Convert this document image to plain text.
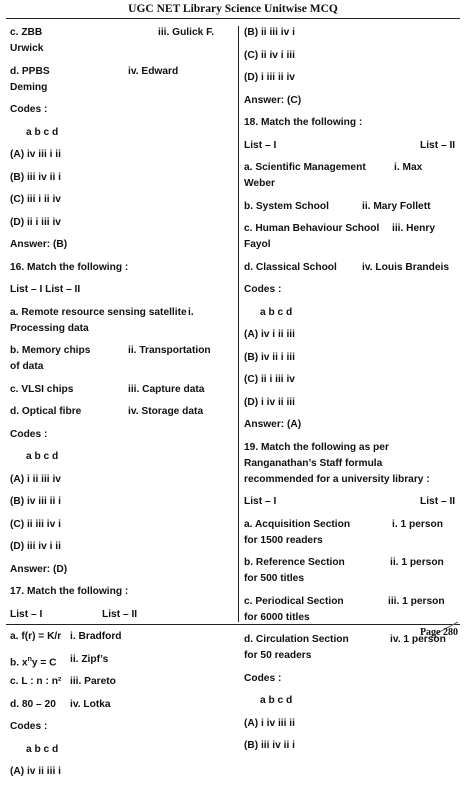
UGC NET Library Science Unitwise MCQ
c. ZBB	iii. Gulick F.
Urwick
d. PPBS	iv. Edward
Deming
Codes :
a b c d
(A) iv iii i ii
(B) iii iv ii i
(C) iii i ii iv
(D) ii i iii iv
Answer: (B)
16. Match the following :
List – I List – II
a. Remote resource sensing satellite i.
Processing data
b. Memory chips	ii. Transportation
of data
c. VLSI chips	iii. Capture data
d. Optical fibre	iv. Storage data
Codes :
a b c d
(A) i ii iii iv
(B) iv iii ii i
(C) ii iii iv i
(D) iii iv i ii
Answer: (D)
17. Match the following :
List – I	List – II
a. f(r) = K/r i. Bradford
b. $x^ny = C$ ii. Zipf’s
c. L : n : n² iii. Pareto
d. 80 – 20 iv. Lotka
Codes :
a b c d
(A) iv ii iii i
(B) ii iii iv i
(C) ii iv i iii
(D) i iii ii iv
Answer: (C)
18. Match the following :
List – I	List – II
a. Scientific Management	i. Max
Weber
b. System School	ii. Mary Follett
c. Human Behaviour School iii. Henry
Fayol
d. Classical School iv. Louis Brandeis
Codes :
a b c d
(A) iv i ii iii
(B) iv ii i iii
(C) ii i iii iv
(D) i iv ii iii
Answer: (A)
19. Match the following as per
Ranganathan’s Staff formula
recommended for a university library :
List – I	List – II
a. Acquisition Section	i. 1 person
for 1500 readers
b. Reference Section	ii. 1 person
for 500 titles
c. Periodical Section	iii. 1 person
for 6000 titles
d. Circulation Section	iv. 1 person
for 50 readers
Codes :
a b c d
(A) i iv iii ii
(B) iii iv ii i
Page 280
